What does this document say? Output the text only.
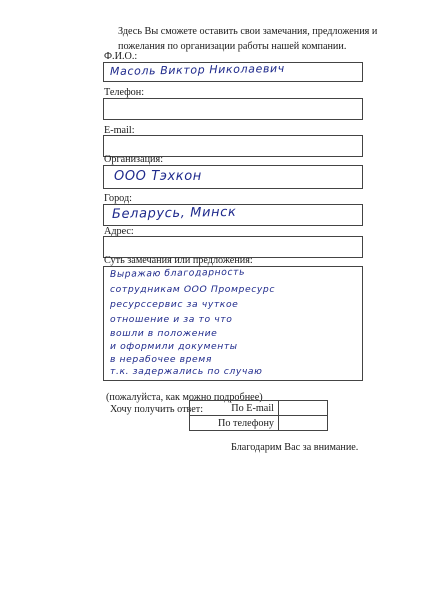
Здесь Вы сможете оставить свои замечания, предложения и пожелания по организации работы нашей компании.
Ф.И.О.:
Масоль Виктор Николаевич
Телефон:
E-mail:
Организация:
ООО Тэхкон
Город:
Беларусь, Минск
Адрес:
Суть замечания или предложения:
Выражаю благодарность
сотрудникам ООО Промресурс
ресурссервис за чуткое
отношение и за то что
вошли в положение
и оформили документы
в нерабочее время
т.к. задержались по случаю
(пожалуйста, как можно подробнее)
Хочу получить ответ:	По E-mail	
По телефону	
Благодарим Вас за внимание.
